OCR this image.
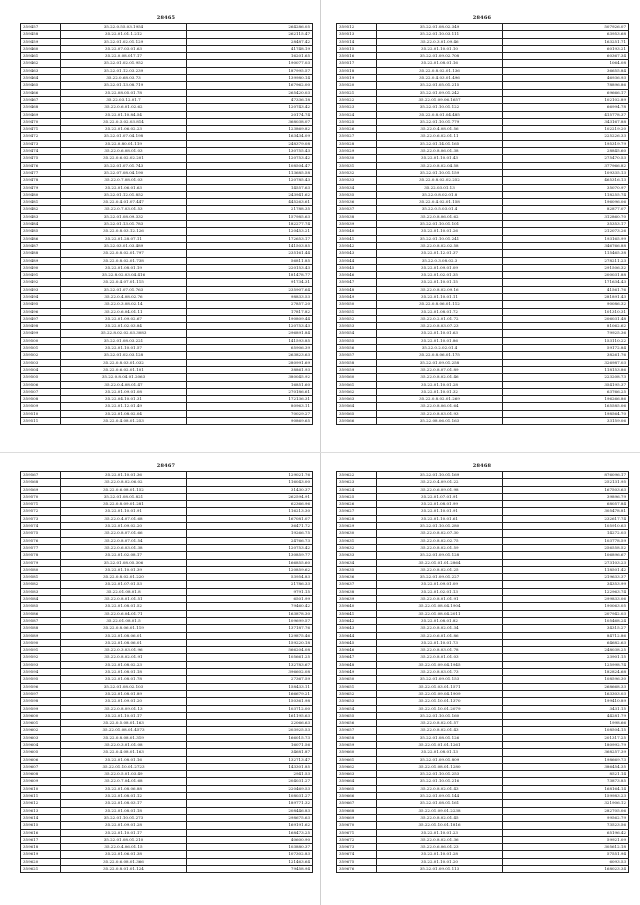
28465
359457	35.22.0.55.03.1954	264286.05
359458	35.22.01.01.1.212	262115.47
359459	35.22.01.02.01.129	28487.42
359460	35.22.07.03.01.63	41748.19
359461	35.22.0.08.017.17	16201.65
359462	35.22.01.02.01.952	190077.03
359463	35.22.01.12.03.239	187995.57
359464	35.22.0.68.03.73	139980.14
359465	35.22.01.13.08.719	167962.00
359466	35.22.08.05.01.78	265420.03
359467	35.22.03.12.01.7	47336.18
359468	35.22.0.6.01.02.62	120743.42
359469	35.22.01.10.84.54	20174.74
359470	35.22.0.3.02.03.814	368038.07
359471	35.22.01.06.02.23	123869.82
359472	35.22.01.07.04.198	163434.09
359473	35.22.0.80.01.119	248379.08
359474	35.22.0.6.08.01.03	130755.43
359475	35.22.0.6.02.02.201	120753.42
359476	35.22.01.07.01.743	108504.47
359477	35.22.07.08.04.190	113685.58
359478	35.22.0.7.08.01.03	120785.43
359479	35.22.01.06.01.63	14557.63
359480	35.22.01.12.01.852	243941.62
359481	35.22.0.4.01.07.447	445263.61
359482	35.22.0.7.03.01.53	21788.35
359483	35.22.01.08.09.332	157985.63
359484	35.22.01.13.01.783	182277.74
359485	35.22.0.8.03.12.126	120453.21
359486	35.22.01.28.07.11	172653.17
359487	35.22.03.01.03.489	141503.85
359488	35.22.0.8.02.01.797	235161.44
359489	35.22.0.8.02.01.738	56811.85
359490	35.22.01.08.01.19	220153.43
359491	35.22.8.02.03.04.416	181478.77
359492	35.22.0.4.07.01.115	91734.31
359493	35.22.01.07.01.763	235907.64
359494	35.22.0.4.08.02.76	98833.53
359495	35.22.0.3.08.02.14	27857.20
359496	35.22.0.6.04.01.11	17817.82
359497	35.22.01.09.02.67	190809.44
359498	35.22.01.02.03.84	120753.43
359499	35.22.8.02.02.03.3083	296891.84
359500	35.22.01.08.03.221	141593.85
359501	35.22.01.10.01.57	65906.39
359502	35.22.01.02.03.128	263823.63
359503	35.22.0.8.03.01.032	280991.69
359504	35.22.0.6.02.01.101	38861.93
359505	35.22.0.8.04.01.2063	380045.92
359506	35.22.0.4.08.01.47	16851.60
359507	35.22.01.09.01.08	270186.61
359508	35.22.04.10.01.31	172136.31
359509	35.22.01.12.01.49	80963.11
359510	35.22.01.08.02.04	70029.27
359511	35.22.0.4.08.01.253	90869.65
28466
359512	35.22.01.08.02.349	507926.07
359513	35.22.01.10.03.111	63953.68
359514	35.22.0.3.01.09.46	163251.71
359515	35.22.01.10.01.10	60193.21
359516	35.22.01.09.02.708	60367.34
359517	35.22.01.08.01.16	1064.08
359518	35.22.0.8.02.01.136	36655.84
359519	35.22.0.4.03.01.496	46936.93
359520	35.22.01.05.01.215	78896.86
359521	35.22.01.09.01.242	69666.17
359522	35.22.01.09.06.1657	102102.89
359523	35.22.01.10.01.122	66994.78
359524	35.22.0.8.01.04.485	415778.37
359525	35.22.01.10.01.779	343167.88
359526	35.22.0.4.08.01.56	102219.20
359527	35.22.0.6.02.01.11	225226.33
359528	35.22.01.14.01.165	195319.79
359529	35.22.0.8.06.01.38	28845.60
359530	35.22.01.10.01.43	275470.53
359531	35.22.0.8.02.04.58	377966.82
359532	35.22.01.10.01.159	109335.13
359533	35.22.0.8.02.02.252	465316.13
359534	35.22.03.01.13	35070.97
359535	35.22.0.8.02.01.8	118255.74
359536	35.22.0.4.02.01.158	196096.06
359537	35.22.0.5.03.01.4	82877.07
359538	35.22.0.8.06.01.62	312860.70
359539	35.22.01.10.01.101	35353.17
359540	35.22.01.10.01.26	212073.26
359541	35.22.01.10.01.241	193165.99
359542	35.22.0.8.02.02.58	346766.88
359543	35.22.01.12.01.37	115465.38
359544	35.22.0.3.08.02.3	278211.23
359545	35.22.01.09.01.09	291506.32
359546	35.22.01.02.01.35	200031.88
359547	35.22.01.10.01.15	171634.43
359548	35.22.0.8.02.09.16	41561.76
359549	35.22.01.10.01.11	281891.43
359550	35.22.0.8.06.01.112	90086.32
359551	35.22.01.08.01.72	101310.31
359552	35.22.0.2.01.01.72	206031.48
359553	35.22.0.8.03.07.23	81062.62
359554	35.22.01.10.01.63	79925.36
359555	35.22.01.10.01.86	153110.22
359556	35.22.0.2.02.01.4	59172.84
359557	35.22.0.8.06.01.175	38261.76
359558	35.22.01.09.01.258	326987.03
359559	35.22.0.8.07.01.89	118153.86
359560	35.22.0.8.02.01.46	223208.73
359561	35.22.01.10.01.28	354195.37
359562	35.22.01.10.01.32	63766.25
359563	35.22.0.8.02.01.269	196266.86
359564	35.22.0.8.06.01.64	165585.06
359565	35.22.0.8.03.01.93	198564.70
359566	35.22.08.06.01.163	33159.06
28467
359567	35.22.01.10.01.36	129021.76
359568	35.22.0.8.02.06.02	116043.00
359569	35.22.0.6.08.01.152	31430.37
359570	35.22.01.08.01.821	262594.91
359571	35.22.0.8.09.01.281	62366.96
359572	35.22.01.10.01.91	116213.30
359573	35.22.0.4.07.01.68	167081.07
359574	35.22.01.09.02.20	36471.72
359575	35.22.0.8.07.01.66	19266.75
359576	35.22.0.8.07.01.54	24766.73
359577	35.22.0.6.03.01.38	120753.42
359578	35.22.01.02.08.17	130859.77
359579	35.22.01.08.05.306	166855.60
359580	35.22.01.10.01.39	120859.62
359581	35.22.0.8.02.01.220	53954.83
359582	35.22.01.07.01.53	21786.33
359583	35.22.01.08.01.8	9791.15
359584	35.22.0.8.01.01.51	6501.99
359585	35.22.01.08.01.52	79460.42
359586	35.22.0.6.04.01.71	163878.30
359587	35.22.01.08.01.5	109699.57
359588	35.22.0.8.06.01.119	137187.76
359589	35.22.01.08.06.01	129875.46
359590	35.22.01.08.06.01	159220.18
359591	35.22.0.3.03.01.96	566204.08
359592	35.22.0.8.02.01.91	105661.25
359593	35.22.01.08.02.23	132783.67
359594	35.22.01.08.01.18	396602.08
359595	35.22.01.08.01.78	27367.59
359596	35.22.01.08.02.103	158433.11
359597	35.22.01.08.01.89	166679.21
359598	35.22.01.09.01.20	150361.98
359599	35.22.0.8.09.01.13	103712.00
359600	35.22.01.10.01.17	161195.63
359601	35.22.0.5.08.01.163	22066.63
359602	35.22.01.08.01.4573	203925.53
359603	35.22.0.8.08.01.319	166015.73
359604	35.22.0.3.01.01.08	16071.56
359605	35.22.0.4.08.01.163	34681.87
359606	35.22.01.08.01.16	132713.47
359607	35.22.01.10.01.2723	143301.85
359608	35.22.0.5.01.03.49	2941.53
359609	35.22.0.7.04.01.68	204031.27
359610	35.22.01.08.06.88	220469.53
359611	35.22.01.08.01.12	108031.27
359612	35.22.01.08.03.17	189771.32
359613	35.22.01.08.01.18	208446.83
359614	35.22.01.10.01.273	298675.63
359615	35.22.01.09.01.28	169191.62
359616	35.22.01.10.01.17	168473.25
359617	35.22.01.08.01.210	40600.90
359618	35.22.0.4.06.01.15	103880.37
359619	35.22.01.06.01.38	107302.83
359620	35.22.0.6.08.01.366	121463.64
359621	35.22.0.8.01.01.124	79458.94
28468
359622	35.22.01.10.01.169	876096.17
359623	35.22.0.4.09.01.22	252131.95
359624	35.22.0.6.09.01.98	167503.63
359625	35.22.01.07.01.91	39896.79
359626	35.22.01.08.01.99	68057.84
359627	35.22.01.10.01.91	305478.81
359628	35.22.01.10.01.61	232617.74
359629	35.22.01.10.01.280	105910.63
359630	35.22.0.8.02.07.30	14272.03
359631	35.22.0.8.02.02.75	103778.59
359632	35.22.0.8.02.01.59	256558.52
359633	35.22.01.09.01.128	106896.67
359634	35.22.01.01.01.2864	273103.23
359635	35.22.0.8.02.01.25	118501.42
359636	35.22.01.09.01.227	219633.37
359637	35.22.01.09.01.09	34353.99
359638	35.22.01.02.01.13	122963.74
359639	35.22.0.8.01.01.91	299833.06
359640	35.22.01.08.04.1904	190063.05
359641	35.22.01.08.04.2011	207942.03
359642	35.22.01.08.01.82	105468.24
359643	35.22.0.8.02.01.34	34315.27
359644	35.22.0.6.01.01.86	84712.86
359645	35.22.01.10.01.73	64682.63
359646	35.22.0.8.03.01.78	248038.25
359647	35.22.0.8.01.01.03	23901.15
359648	35.22.01.09.04.1945	125998.74
359649	35.22.0.8.03.01.73	182824.68
359650	35.22.01.09.01.153	108596.30
359651	35.22.01.03.01.1571	268668.33
359652	35.22.01.09.04.1909	163303.03
359653	35.22.01.10.01.1370	199410.89
359654	35.22.01.10.01.2079	3431.15
359655	35.22.01.10.01.160	44281.79
359656	35.22.0.8.02.01.57	1998.66
359657	35.22.0.8.02.01.43	108504.15
359658	35.22.01.08.01.126	201317.25
359659	35.22.01.01.01.1261	180992.79
359660	35.22.01.08.01.13	368257.39
359661	35.22.01.09.01.809	198669.73
359662	35.22.01.08.01.1280	386454.35
359663	35.22.01.10.01.253	8521.14
359664	35.22.01.10.01.216	73873.85
359665	35.22.0.8.02.01.43	168164.14
359666	35.22.01.09.01.144	159983.23
359667	35.22.01.08.01.161	321906.12
359668	35.22.01.09.01.2238	282705.06
359669	35.22.0.8.02.01.45	99562.79
359670	35.22.01.10.01.1816	73523.56
359671	35.22.01.10.01.23	65196.42
359672	35.22.0.8.02.01.36	59921.09
359673	35.22.0.6.06.01.23	305612.18
359674	35.22.01.10.01.28	57551.94
359675	35.22.01.10.01.20	6093.53
359676	35.22.01.09.01.113	168023.34
